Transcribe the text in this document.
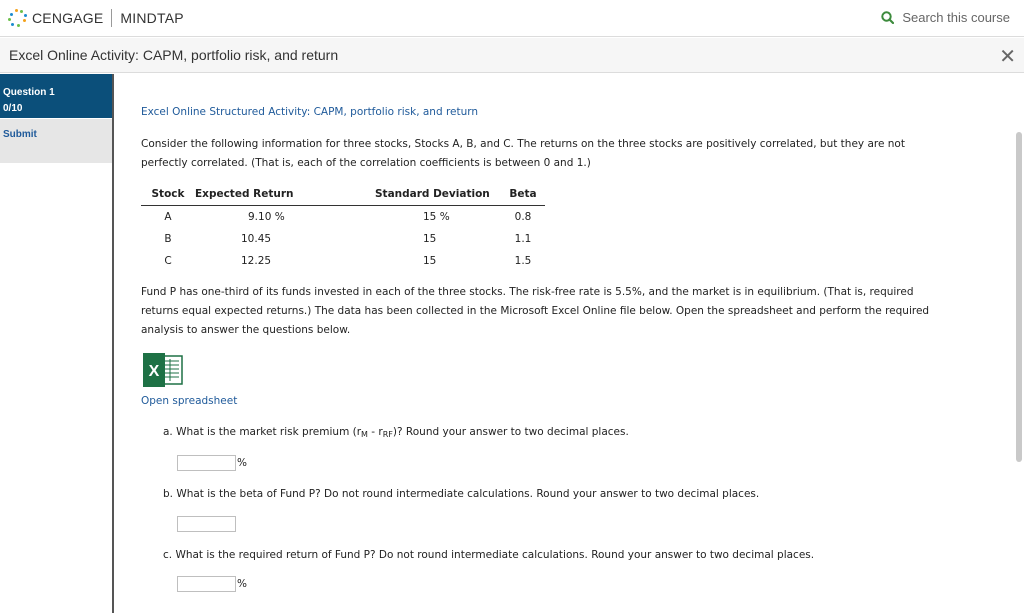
CENGAGE MINDTAP	Search this course
Excel Online Activity: CAPM, portfolio risk, and return	✕
Question 1
0/10
Submit
Excel Online Structured Activity: CAPM, portfolio risk, and return
Consider the following information for three stocks, Stocks A, B, and C. The returns on the three stocks are positively correlated, but they are not
perfectly correlated. (That is, each of the correlation coefficients is between 0 and 1.)
Stock	Expected Return	Standard Deviation	Beta
A	9.10 %	15 %	0.8
B	10.45	15	1.1
C	12.25	15	1.5
Fund P has one-third of its funds invested in each of the three stocks. The risk-free rate is 5.5%, and the market is in equilibrium. (That is, required
returns equal expected returns.) The data has been collected in the Microsoft Excel Online file below. Open the spreadsheet and perform the required
analysis to answer the questions below.
X
Open spreadsheet
a. What is the market risk premium $(r_M - r_{RF})$? Round your answer to two decimal places.
%
b. What is the beta of Fund P? Do not round intermediate calculations. Round your answer to two decimal places.
c. What is the required return of Fund P? Do not round intermediate calculations. Round your answer to two decimal places.
%
